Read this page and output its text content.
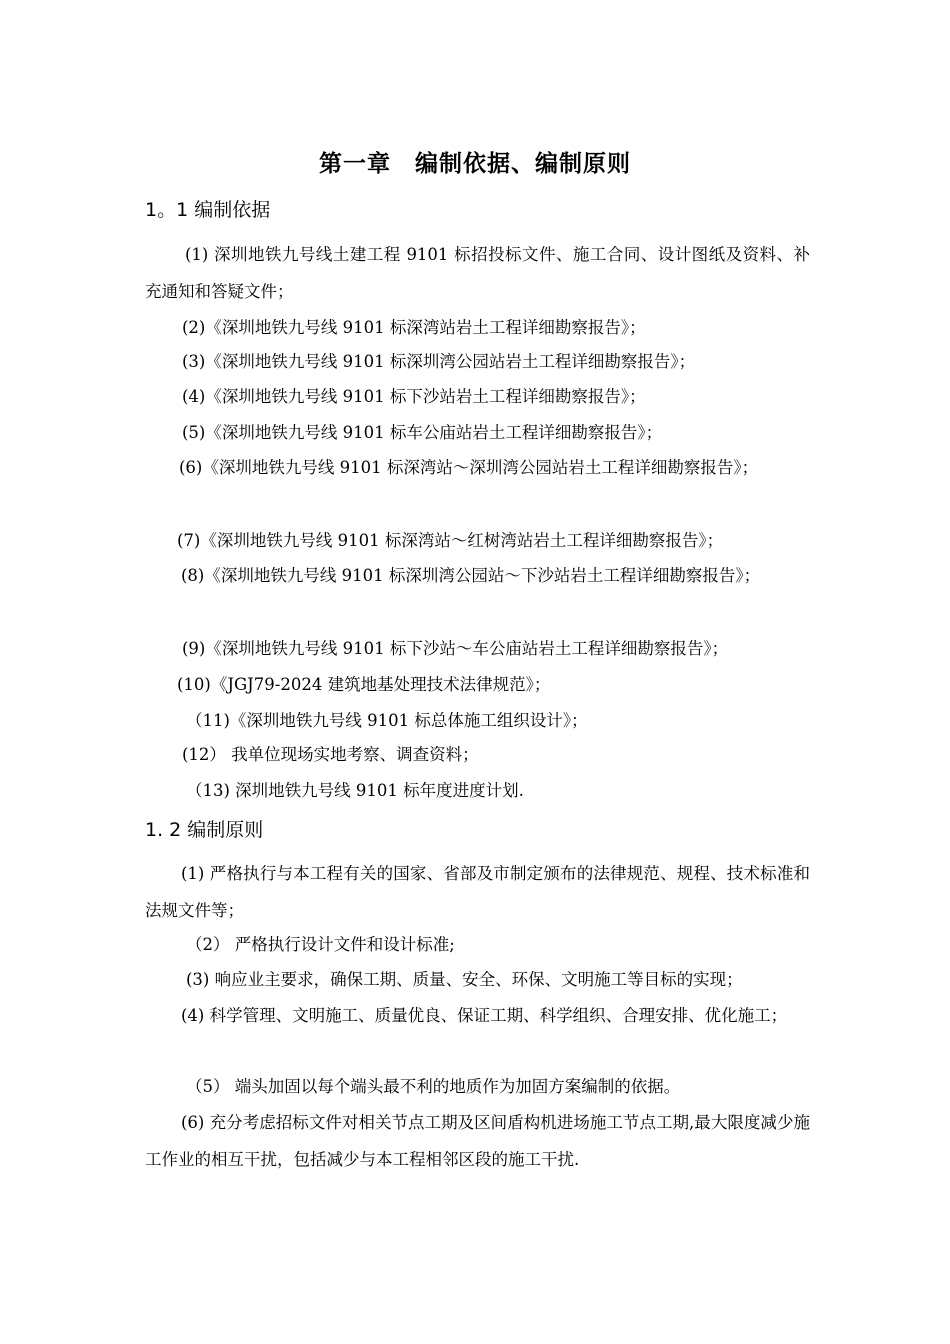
第一章　编制依据、编制原则
1。1 编制依据
(1) 深圳地铁九号线土建工程 9101 标招投标文件、施工合同、设计图纸及资料、补充通知和答疑文件；
(2)《深圳地铁九号线 9101 标深湾站岩土工程详细勘察报告》；
(3)《深圳地铁九号线 9101 标深圳湾公园站岩土工程详细勘察报告》；
(4)《深圳地铁九号线 9101 标下沙站岩土工程详细勘察报告》；
(5)《深圳地铁九号线 9101 标车公庙站岩土工程详细勘察报告》；
(6)《深圳地铁九号线 9101 标深湾站～深圳湾公园站岩土工程详细勘察报告》；
(7)《深圳地铁九号线 9101 标深湾站～红树湾站岩土工程详细勘察报告》；
(8)《深圳地铁九号线 9101 标深圳湾公园站～下沙站岩土工程详细勘察报告》；
(9)《深圳地铁九号线 9101 标下沙站～车公庙站岩土工程详细勘察报告》；
(10)《JGJ79-2024 建筑地基处理技术法律规范》；
（11)《深圳地铁九号线 9101 标总体施工组织设计》；
(12） 我单位现场实地考察、调查资料；
（13) 深圳地铁九号线 9101 标年度进度计划.
1. 2 编制原则
(1) 严格执行与本工程有关的国家、省部及市制定颁布的法律规范、规程、技术标准和法规文件等；
（2） 严格执行设计文件和设计标准;
(3) 响应业主要求，确保工期、质量、安全、环保、文明施工等目标的实现；
(4) 科学管理、文明施工、质量优良、保证工期、科学组织、合理安排、优化施工；
（5） 端头加固以每个端头最不利的地质作为加固方案编制的依据。
(6) 充分考虑招标文件对相关节点工期及区间盾构机进场施工节点工期,最大限度减少施工作业的相互干扰，包括减少与本工程相邻区段的施工干扰.
